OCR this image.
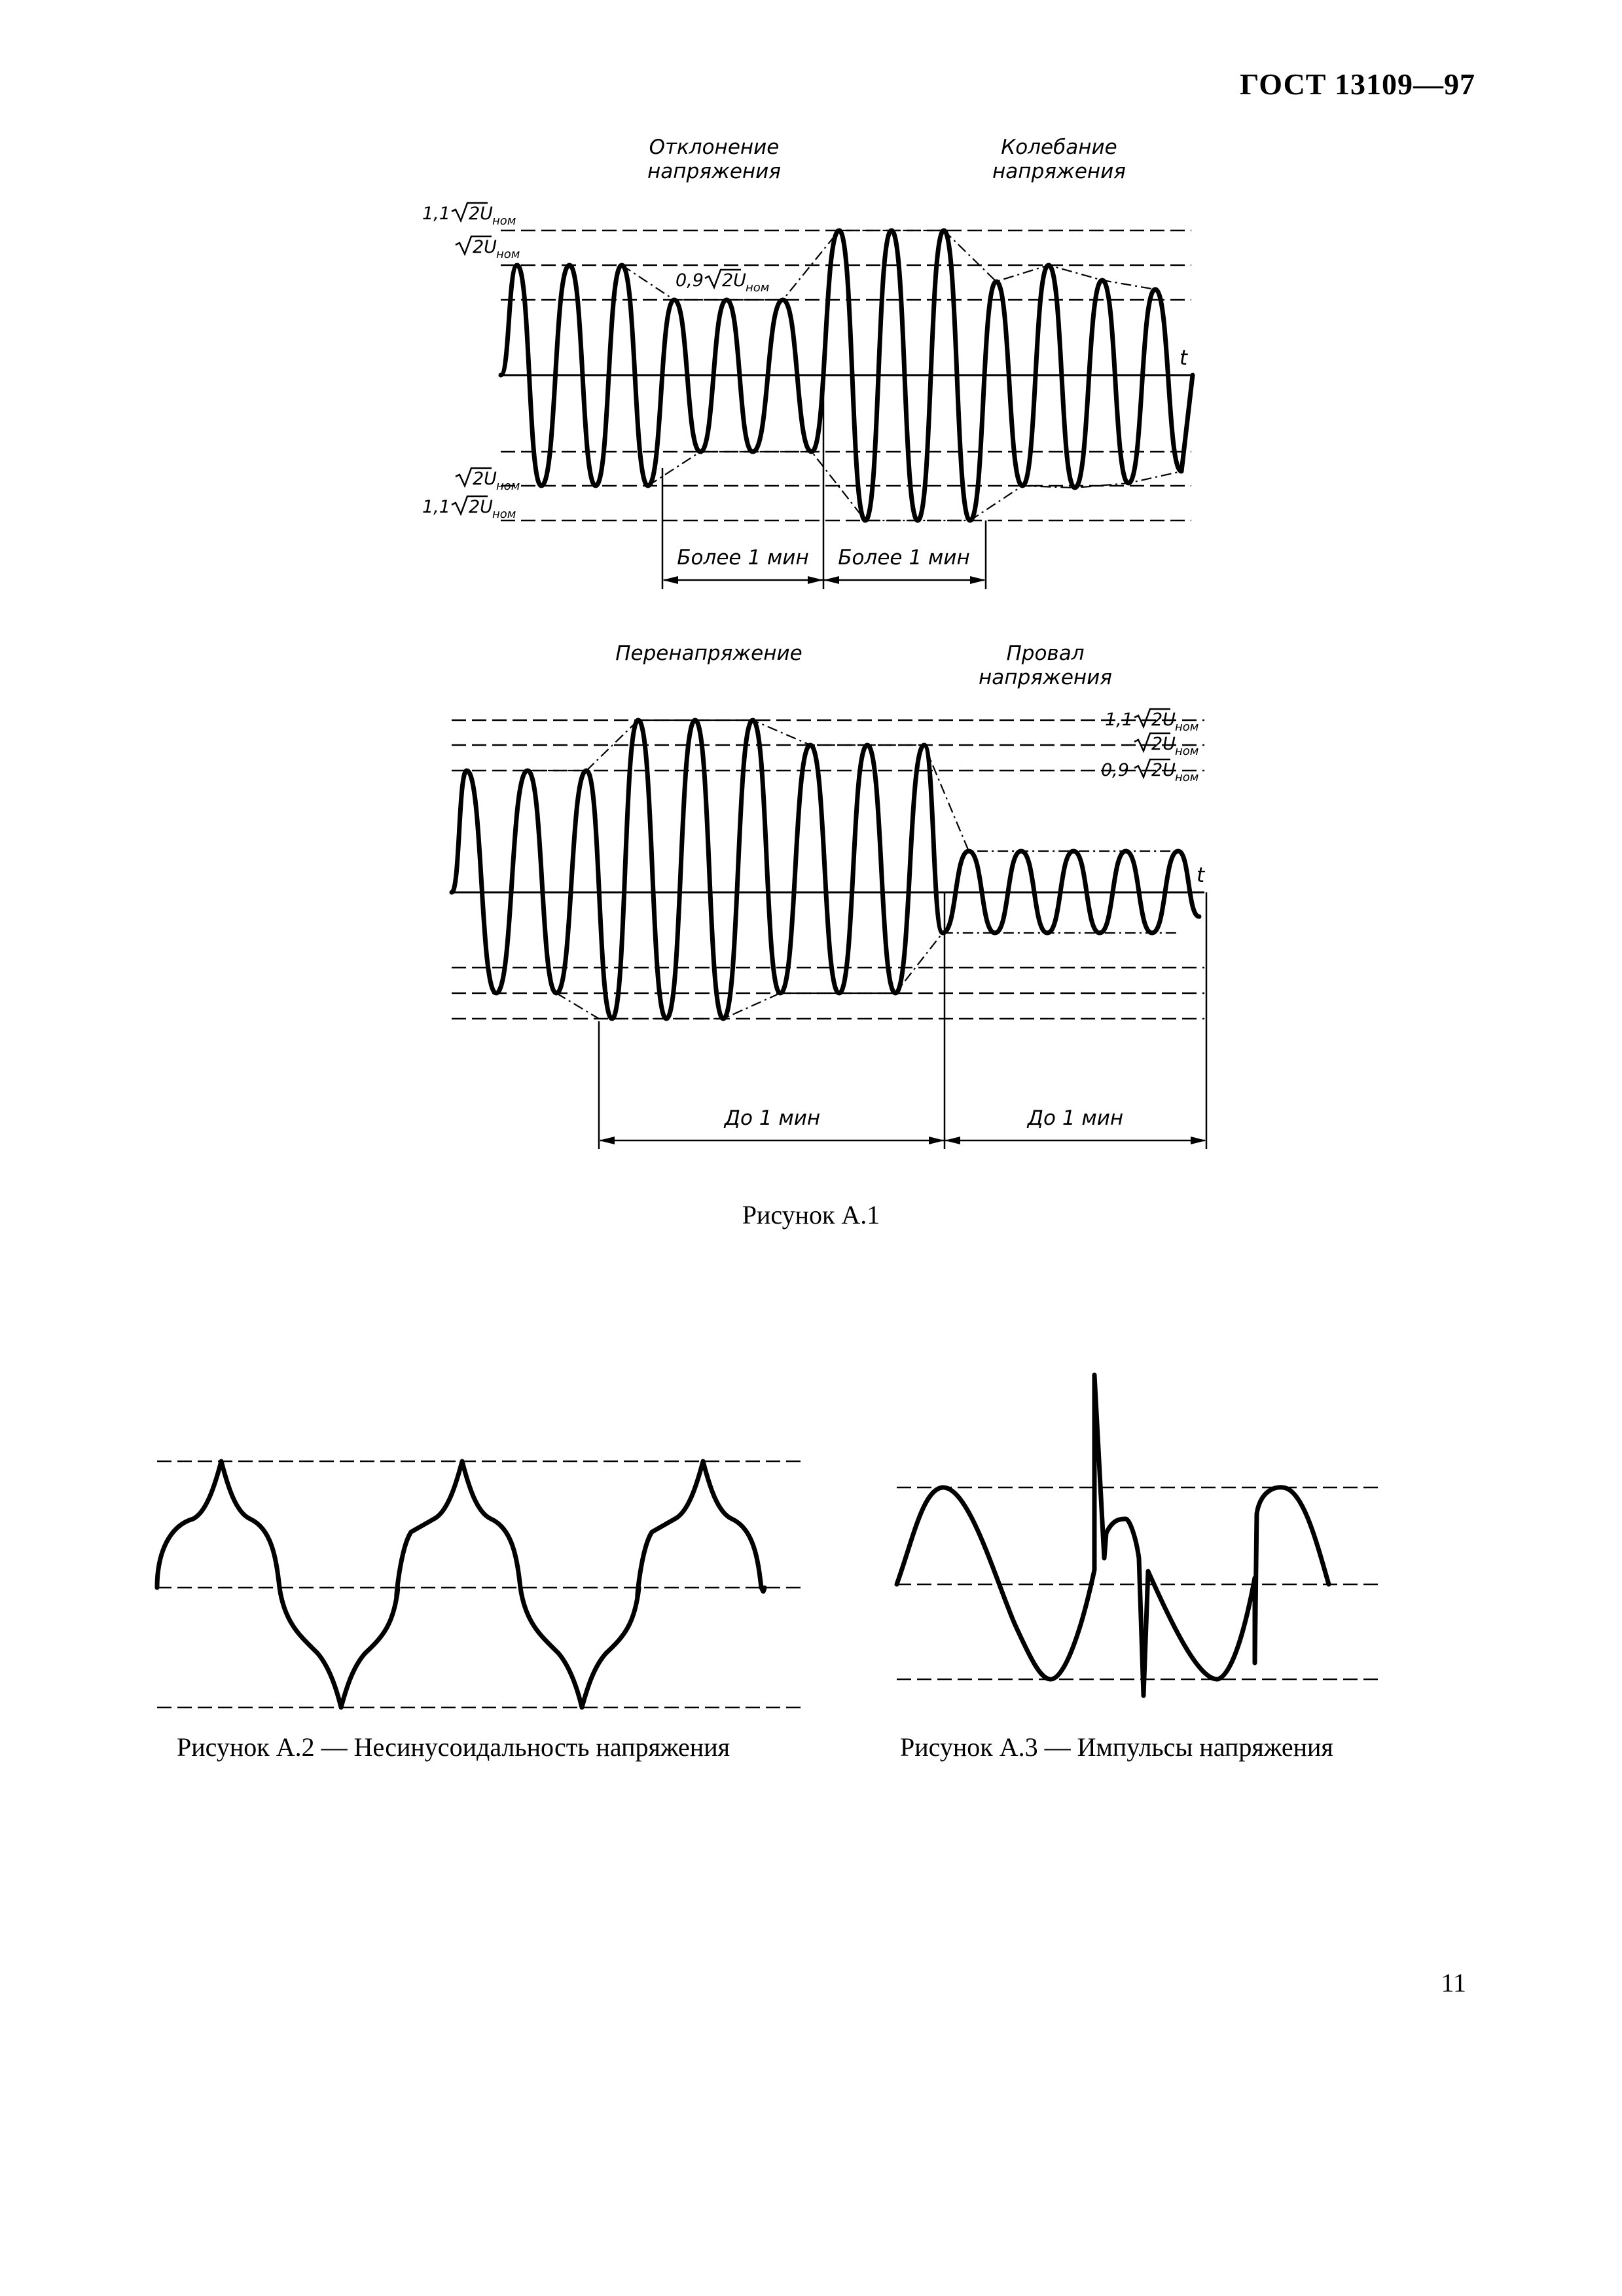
ГОСТ 13109—97
Отклонение
напряжения
Колебание
напряжения
t
Более 1 мин Более 1 мин
1,1 2U ном
2U ном
0,9 2U ном
2U ном
1,1 2U ном
Перенапряжение	Провал
напряжения
t
До 1 мин	До 1 мин
1,1 2U ном
2U ном
0,9 2U ном
Рисунок А.1
Рисунок А.2 — Несинусоидальность напряжения	Рисунок А.3 — Импульсы напряжения
11
